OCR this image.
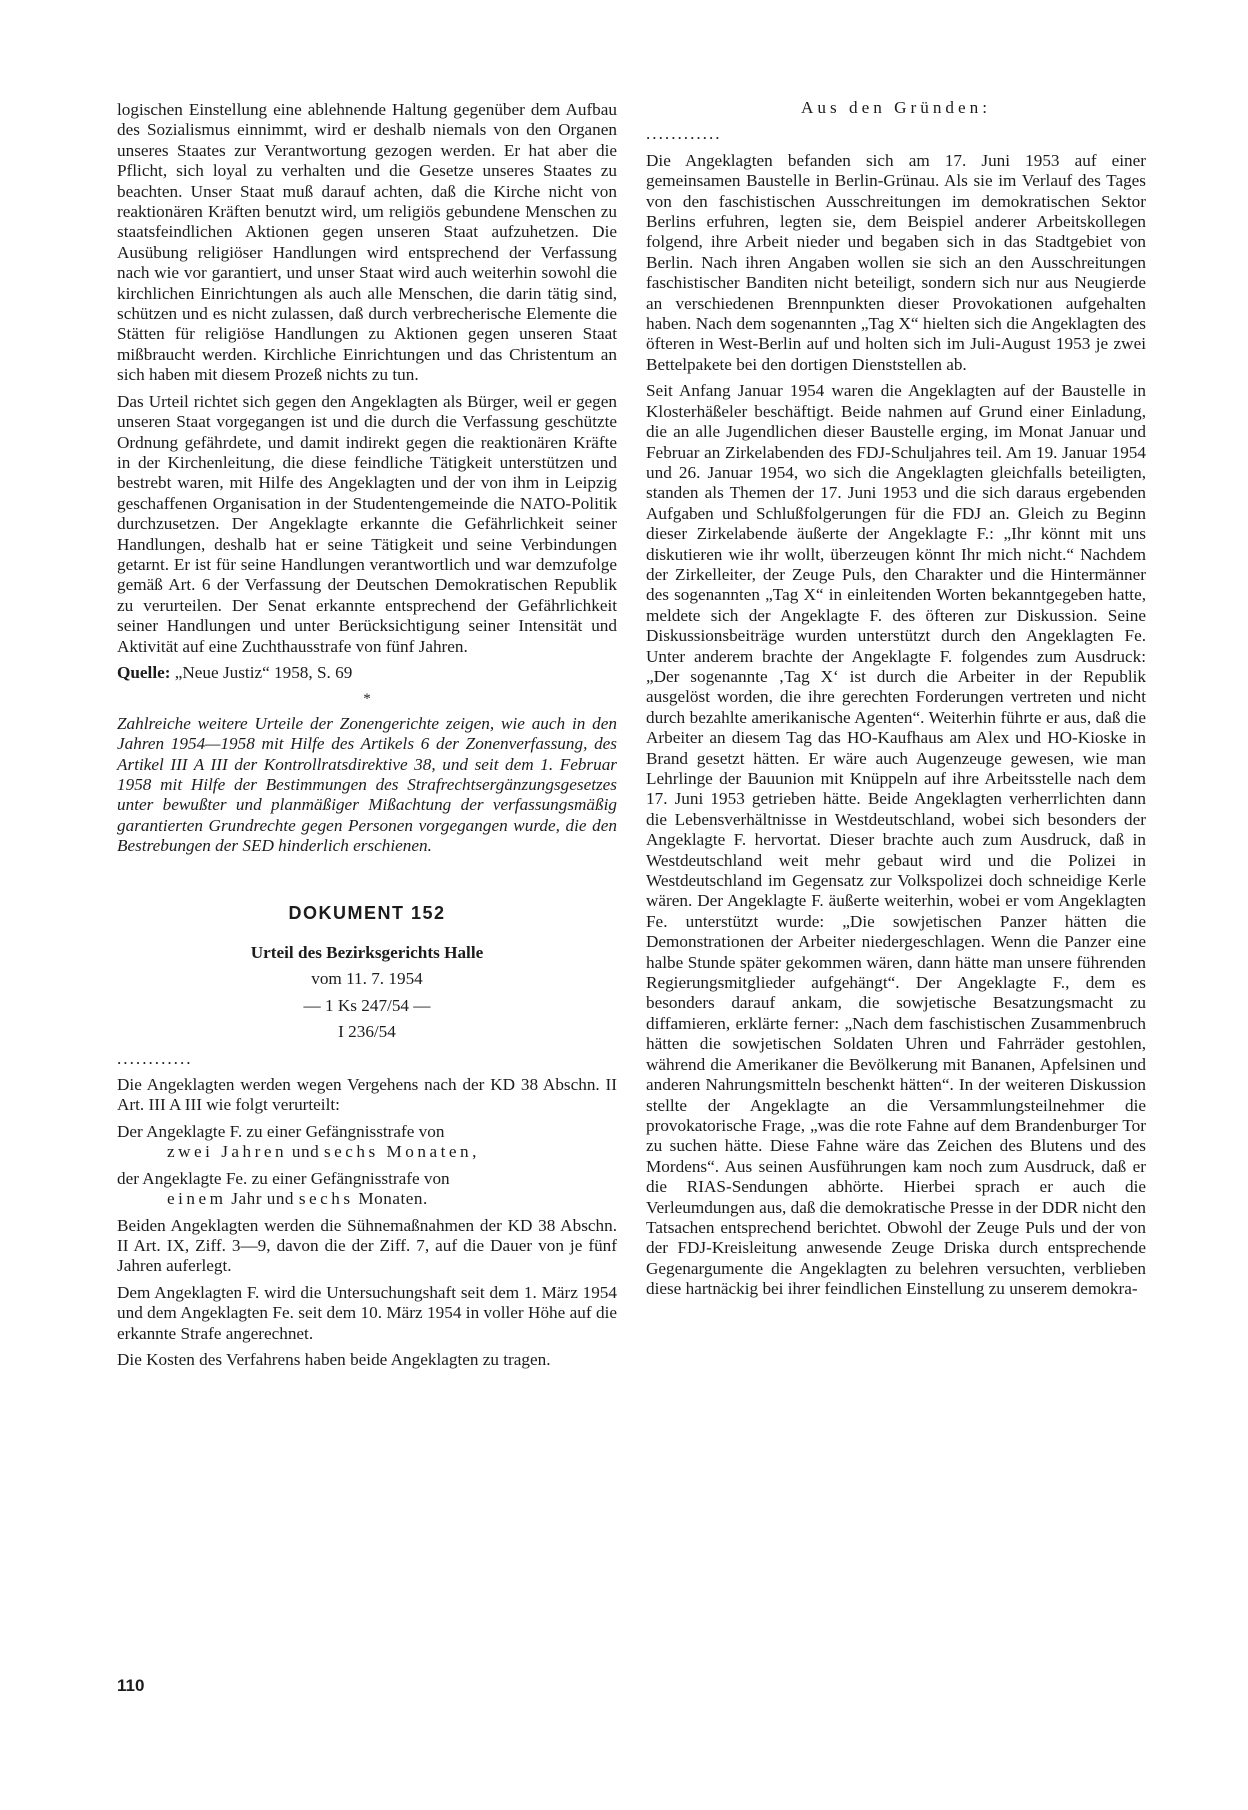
logischen Einstellung eine ablehnende Haltung gegenüber dem Aufbau des Sozialismus einnimmt, wird er deshalb niemals von den Organen unseres Staates zur Verantwortung gezogen werden. Er hat aber die Pflicht, sich loyal zu verhalten und die Gesetze unseres Staates zu beachten. Unser Staat muß darauf achten, daß die Kirche nicht von reaktionären Kräften benutzt wird, um religiös gebundene Menschen zu staatsfeindlichen Aktionen gegen unseren Staat aufzuhetzen. Die Ausübung religiöser Handlungen wird entsprechend der Verfassung nach wie vor garantiert, und unser Staat wird auch weiterhin sowohl die kirchlichen Einrichtungen als auch alle Menschen, die darin tätig sind, schützen und es nicht zulassen, daß durch verbrecherische Elemente die Stätten für religiöse Handlungen zu Aktionen gegen unseren Staat mißbraucht werden. Kirchliche Einrichtungen und das Christentum an sich haben mit diesem Prozeß nichts zu tun.

Das Urteil richtet sich gegen den Angeklagten als Bürger, weil er gegen unseren Staat vorgegangen ist und die durch die Verfassung geschützte Ordnung gefährdete, und damit indirekt gegen die reaktionären Kräfte in der Kirchenleitung, die diese feindliche Tätigkeit unterstützen und bestrebt waren, mit Hilfe des Angeklagten und der von ihm in Leipzig geschaffenen Organisation in der Studentengemeinde die NATO-Politik durchzusetzen. Der Angeklagte erkannte die Gefährlichkeit seiner Handlungen, deshalb hat er seine Tätigkeit und seine Verbindungen getarnt. Er ist für seine Handlungen verantwortlich und war demzufolge gemäß Art. 6 der Verfassung der Deutschen Demokratischen Republik zu verurteilen. Der Senat erkannte entsprechend der Gefährlichkeit seiner Handlungen und unter Berücksichtigung seiner Intensität und Aktivität auf eine Zuchthausstrafe von fünf Jahren.

Quelle: „Neue Justiz“ 1958, S. 69

*

Zahlreiche weitere Urteile der Zonengerichte zeigen, wie auch in den Jahren 1954—1958 mit Hilfe des Artikels 6 der Zonenverfassung, des Artikel III A III der Kontrollratsdirektive 38, und seit dem 1. Februar 1958 mit Hilfe der Bestimmungen des Strafrechtsergänzungsgesetzes unter bewußter und planmäßiger Mißachtung der verfassungsmäßig garantierten Grundrechte gegen Personen vorgegangen wurde, die den Bestrebungen der SED hinderlich erschienen.

DOKUMENT 152

Urteil des Bezirksgerichts Halle

vom 11. 7. 1954

— 1 Ks 247/54 —

I 236/54

............

Die Angeklagten werden wegen Vergehens nach der KD 38 Abschn. II Art. III A III wie folgt verurteilt:

Der Angeklagte F. zu einer Gefängnisstrafe von
zwei Jahren und sechs Monaten,

der Angeklagte Fe. zu einer Gefängnisstrafe von
einem Jahr und sechs Monaten.

Beiden Angeklagten werden die Sühnemaßnahmen der KD 38 Abschn. II Art. IX, Ziff. 3—9, davon die der Ziff. 7, auf die Dauer von je fünf Jahren auferlegt.

Dem Angeklagten F. wird die Untersuchungshaft seit dem 1. März 1954 und dem Angeklagten Fe. seit dem 10. März 1954 in voller Höhe auf die erkannte Strafe angerechnet.

Die Kosten des Verfahrens haben beide Angeklagten zu tragen.

Aus den Gründen:

............

Die Angeklagten befanden sich am 17. Juni 1953 auf einer gemeinsamen Baustelle in Berlin-Grünau. Als sie im Verlauf des Tages von den faschistischen Ausschreitungen im demokratischen Sektor Berlins erfuhren, legten sie, dem Beispiel anderer Arbeitskollegen folgend, ihre Arbeit nieder und begaben sich in das Stadtgebiet von Berlin. Nach ihren Angaben wollen sie sich an den Ausschreitungen faschistischer Banditen nicht beteiligt, sondern sich nur aus Neugierde an verschiedenen Brennpunkten dieser Provokationen aufgehalten haben. Nach dem sogenannten „Tag X“ hielten sich die Angeklagten des öfteren in West-Berlin auf und holten sich im Juli-August 1953 je zwei Bettelpakete bei den dortigen Dienststellen ab.

Seit Anfang Januar 1954 waren die Angeklagten auf der Baustelle in Klosterhäßeler beschäftigt. Beide nahmen auf Grund einer Einladung, die an alle Jugendlichen dieser Baustelle erging, im Monat Januar und Februar an Zirkelabenden des FDJ-Schuljahres teil. Am 19. Januar 1954 und 26. Januar 1954, wo sich die Angeklagten gleichfalls beteiligten, standen als Themen der 17. Juni 1953 und die sich daraus ergebenden Aufgaben und Schlußfolgerungen für die FDJ an. Gleich zu Beginn dieser Zirkelabende äußerte der Angeklagte F.: „Ihr könnt mit uns diskutieren wie ihr wollt, überzeugen könnt Ihr mich nicht.“ Nachdem der Zirkelleiter, der Zeuge Puls, den Charakter und die Hintermänner des sogenannten „Tag X“ in einleitenden Worten bekanntgegeben hatte, meldete sich der Angeklagte F. des öfteren zur Diskussion. Seine Diskussionsbeiträge wurden unterstützt durch den Angeklagten Fe. Unter anderem brachte der Angeklagte F. folgendes zum Ausdruck: „Der sogenannte ‚Tag X‘ ist durch die Arbeiter in der Republik ausgelöst worden, die ihre gerechten Forderungen vertreten und nicht durch bezahlte amerikanische Agenten“. Weiterhin führte er aus, daß die Arbeiter an diesem Tag das HO-Kaufhaus am Alex und HO-Kioske in Brand gesetzt hätten. Er wäre auch Augenzeuge gewesen, wie man Lehrlinge der Bauunion mit Knüppeln auf ihre Arbeitsstelle nach dem 17. Juni 1953 getrieben hätte. Beide Angeklagten verherrlichten dann die Lebensverhältnisse in Westdeutschland, wobei sich besonders der Angeklagte F. hervortat. Dieser brachte auch zum Ausdruck, daß in Westdeutschland weit mehr gebaut wird und die Polizei in Westdeutschland im Gegensatz zur Volkspolizei doch schneidige Kerle wären. Der Angeklagte F. äußerte weiterhin, wobei er vom Angeklagten Fe. unterstützt wurde: „Die sowjetischen Panzer hätten die Demonstrationen der Arbeiter niedergeschlagen. Wenn die Panzer eine halbe Stunde später gekommen wären, dann hätte man unsere führenden Regierungsmitglieder aufgehängt“. Der Angeklagte F., dem es besonders darauf ankam, die sowjetische Besatzungsmacht zu diffamieren, erklärte ferner: „Nach dem faschistischen Zusammenbruch hätten die sowjetischen Soldaten Uhren und Fahrräder gestohlen, während die Amerikaner die Bevölkerung mit Bananen, Apfelsinen und anderen Nahrungsmitteln beschenkt hätten“. In der weiteren Diskussion stellte der Angeklagte an die Versammlungsteilnehmer die provokatorische Frage, „was die rote Fahne auf dem Brandenburger Tor zu suchen hätte. Diese Fahne wäre das Zeichen des Blutens und des Mordens“. Aus seinen Ausführungen kam noch zum Ausdruck, daß er die RIAS-Sendungen abhörte. Hierbei sprach er auch die Verleumdungen aus, daß die demokratische Presse in der DDR nicht den Tatsachen entsprechend berichtet. Obwohl der Zeuge Puls und der von der FDJ-Kreisleitung anwesende Zeuge Driska durch entsprechende Gegenargumente die Angeklagten zu belehren versuchten, verblieben diese hartnäckig bei ihrer feindlichen Einstellung zu unserem demokra-

110
